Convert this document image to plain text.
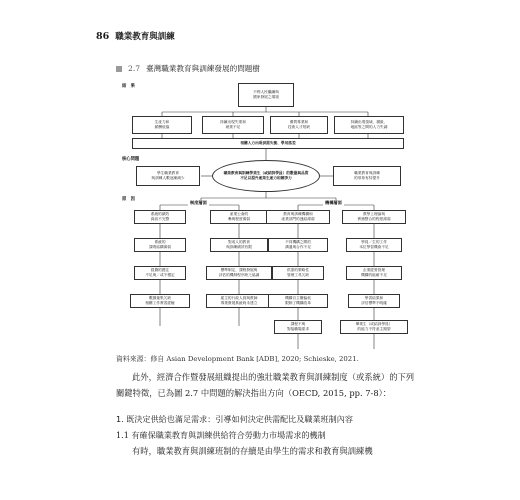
86 職業教育與訓練
2.7 臺灣職業教育與訓練發展的問題樹
結　果
不利人民繼續與
國家發展之環境
生產力和
薪酬低落
持續出現失業和
就業不足
優質專業和
技術人才短缺
持續出現領域、層級、
地區等之間的人力失調
相關人力出現供需失衡、學用落差
核心問題
學生職業教育
與訓練人數逐漸減少
職業教育與訓練學業生（或結訓學員）的數量與品質不足以提升產業生產力和競爭力
職業教育與訓練
的形象有待提升
原　因
制度層面	機構層面
系統的績效
資訊不完整
系統的
課責結構薄弱
經費的獲注
不足與／或不穩定
數據蒐集欠缺
相關工作實習經驗
產業公會的
參與程度薄弱
對成人的教育
與訓練績效有限
標準制定、課程發展與
評估的機制程序缺乏協調
雇主的行政人員與教師
專業發展系統尚未建立
教育與訓練機構和
產業部門的連結薄弱
不同機構之間的
溝通與合作不足
供需的策略性
管理工具欠缺
機構自主權偏低
限制了機構改革
課程不與
對接職場需求
教學上理論與
實務整合的程度薄弱
學員／生的工作
本位學習機會不足
企業經營管理
機構的能耐不足
學習結果和
評估標準不明確
畢業生（或結訓學員）
的能力不符產主期望
資料來源：修自 Asian Development Bank [ADB], 2020; Schieske, 2021.

此外，經濟合作暨發展組織提出的強壯職業教育與訓練制度（或系統）的下列關鍵特徵，已為圖 2.7 中問題的解決指出方向（OECD, 2015, pp. 7-8）：

1. 既決定供給也滿足需求：引導如何決定供需配比及職業班制內容
1.1 有確保職業教育與訓練供給符合勞動力市場需求的機制

有時，職業教育與訓練班制的存續是由學生的需求和教育與訓練機
